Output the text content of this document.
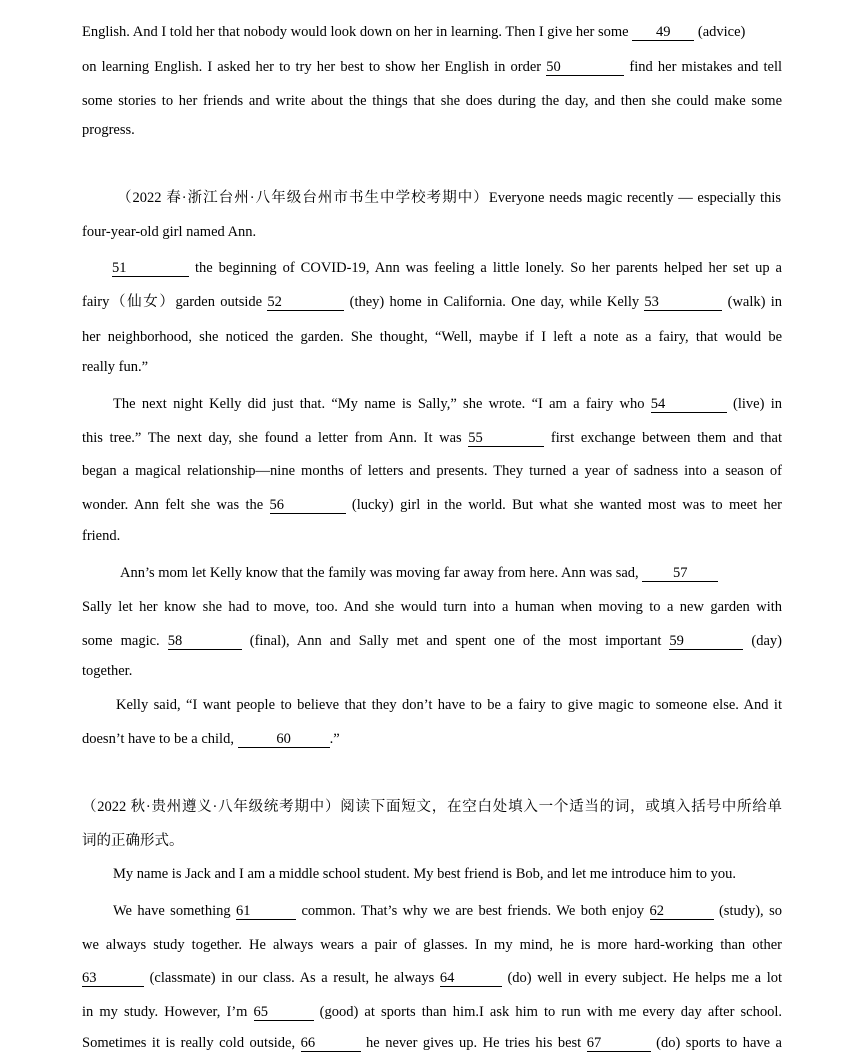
English. And I told her that nobody would look down on her in learning. Then I give her some 49 (advice)
on learning English. I asked her to try her best to show her English in order 50	find her mistakes and tell
some stories to her friends and write about the things that she does during the day, and then she could make some
progress.
（2022 春·浙江台州·八年级台州市书生中学校考期中）Everyone needs magic recently — especially this
four-year-old girl named Ann.
51	the beginning of COVID-19, Ann was feeling a little lonely. So her parents helped her set up a
fairy（仙女）garden outside 52	(they) home in California. One day, while Kelly 53	(walk) in
her neighborhood, she noticed the garden. She thought, “Well, maybe if I left a note as a fairy, that would be
really fun.”
The next night Kelly did just that. “My name is Sally,” she wrote. “I am a fairy who 54	(live) in
this tree.” The next day, she found a letter from Ann. It was 55	first exchange between them and that
began a magical relationship—nine months of letters and presents. They turned a year of sadness into a season of
wonder. Ann felt she was the 56	(lucky) girl in the world. But what she wanted most was to meet her
friend.
Ann’s mom let Kelly know that the family was moving far away from here. Ann was sad, 57
Sally let her know she had to move, too. And she would turn into a human when moving to a new garden with
some magic. 58	(final), Ann and Sally met and spent one of the most important 59	(day)
together.
Kelly said, “I want people to believe that they don’t have to be a fairy to give magic to someone else. And it
doesn’t have to be a child,	60	.”
（2022 秋·贵州遵义·八年级统考期中）阅读下面短文，在空白处填入一个适当的词，或填入括号中所给单
词的正确形式。
My name is Jack and I am a middle school student. My best friend is Bob, and let me introduce him to you.
We have something 61	common. That’s why we are best friends. We both enjoy 62	(study), so
we always study together. He always wears a pair of glasses. In my mind, he is more hard-working than other
63	(classmate) in our class. As a result, he always 64	(do) well in every subject. He helps me a lot
in my study. However, I’m 65	(good) at sports than him.I ask him to run with me every day after school.
Sometimes it is really cold outside, 66	he never gives up. He tries his best 67	(do) sports to have a
